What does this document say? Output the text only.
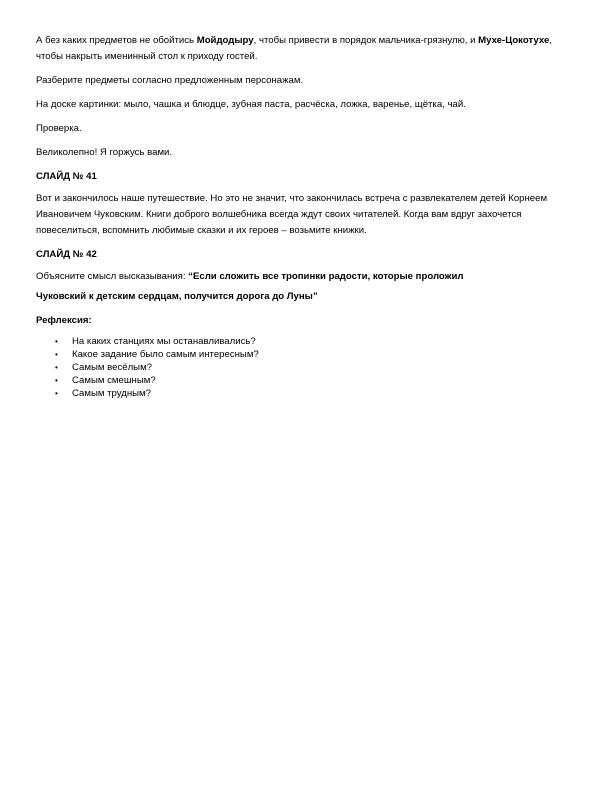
А без каких предметов не обойтись Мойдодыру, чтобы привести в порядок мальчика-грязнулю, и Мухе-Цокотухе, чтобы накрыть именинный стол к приходу гостей.

Разберите предметы согласно предложенным персонажам.

На доске картинки: мыло, чашка и блюдце, зубная паста, расчёска, ложка, варенье, щётка, чай.

Проверка.

Великолепно! Я горжусь вами.

СЛАЙД № 41

Вот и закончилось наше путешествие. Но это не значит, что закончилась встреча с развлекателем детей Корнеем Ивановичем Чуковским. Книги доброго волшебника всегда ждут своих читателей. Когда вам вдруг захочется повеселиться, вспомнить любимые сказки и их героев – возьмите книжки.

СЛАЙД № 42

Объясните смысл высказывания: “Если сложить все тропинки радости, которые проложил

Чуковский к детским сердцам, получится дорога до Луны”

Рефлексия:
• На каких станциях мы останавливались?
• Какое задание было самым интересным?
• Самым весёлым?
• Самым смешным?
• Самым трудным?
